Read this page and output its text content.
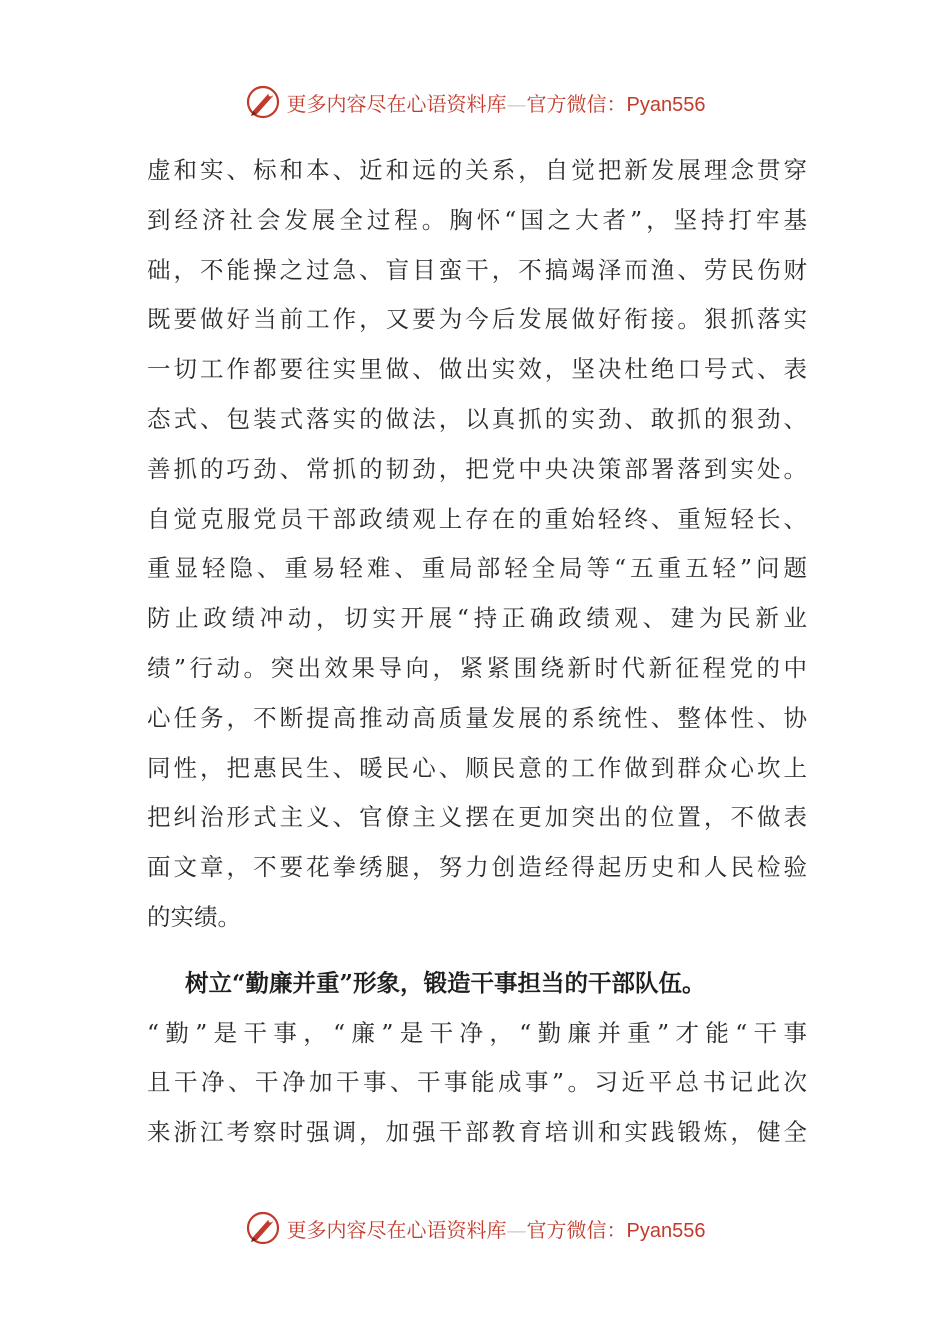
更多内容尽在心语资料库—官方微信：Pyan556
虚和实、标和本、近和远的关系，自觉把新发展理念贯穿
到经济社会发展全过程。胸怀“国之大者”，坚持打牢基
础，不能操之过急、盲目蛮干，不搞竭泽而渔、劳民伤财
既要做好当前工作，又要为今后发展做好衔接。狠抓落实
一切工作都要往实里做、做出实效，坚决杜绝口号式、表
态式、包装式落实的做法，以真抓的实劲、敢抓的狠劲、
善抓的巧劲、常抓的韧劲，把党中央决策部署落到实处。
自觉克服党员干部政绩观上存在的重始轻终、重短轻长、
重显轻隐、重易轻难、重局部轻全局等“五重五轻”问题
防止政绩冲动，切实开展“持正确政绩观、建为民新业
绩”行动。突出效果导向，紧紧围绕新时代新征程党的中
心任务，不断提高推动高质量发展的系统性、整体性、协
同性，把惠民生、暖民心、顺民意的工作做到群众心坎上
把纠治形式主义、官僚主义摆在更加突出的位置，不做表
面文章，不要花拳绣腿，努力创造经得起历史和人民检验
的实绩。
树立“勤廉并重”形象，锻造干事担当的干部队伍。
“勤”是干事，“廉”是干净，“勤廉并重”才能“干事
且干净、干净加干事、干事能成事”。习近平总书记此次
来浙江考察时强调，加强干部教育培训和实践锻炼，健全
更多内容尽在心语资料库—官方微信：Pyan556
